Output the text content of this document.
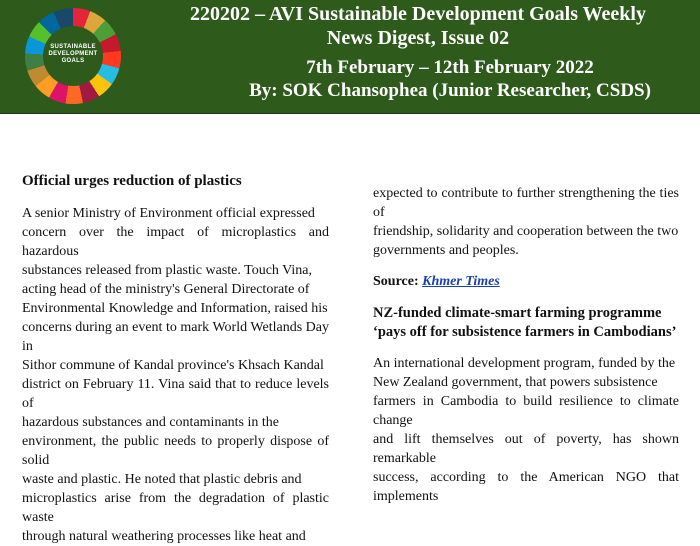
SUSTAINABLE
DEVELOPMENT
GOALS
220202 – AVI Sustainable Development Goals Weekly
News Digest, Issue 02
7th February – 12th February 2022
By: SOK Chansophea (Junior Researcher, CSDS)

Official urges reduction of plastics

A senior Ministry of Environment official expressed
concern over the impact of microplastics and hazardous
substances released from plastic waste. Touch Vina,
acting head of the ministry's General Directorate of
Environmental Knowledge and Information, raised his
concerns during an event to mark World Wetlands Day in
Sithor commune of Kandal province's Khsach Kandal
district on February 11. Vina said that to reduce levels of
hazardous substances and contaminants in the
environment, the public needs to properly dispose of solid
waste and plastic. He noted that plastic debris and
microplastics arise from the degradation of plastic waste
through natural weathering processes like heat and
expected to contribute to further strengthening the ties of
friendship, solidarity and cooperation between the two
governments and peoples.

Source: Khmer Times

NZ-funded climate-smart farming programme
‘pays off for subsistence farmers in Cambodians’
An international development program, funded by the
New Zealand government, that powers subsistence
farmers in Cambodia to build resilience to climate change
and lift themselves out of poverty, has shown remarkable
success, according to the American NGO that implements
